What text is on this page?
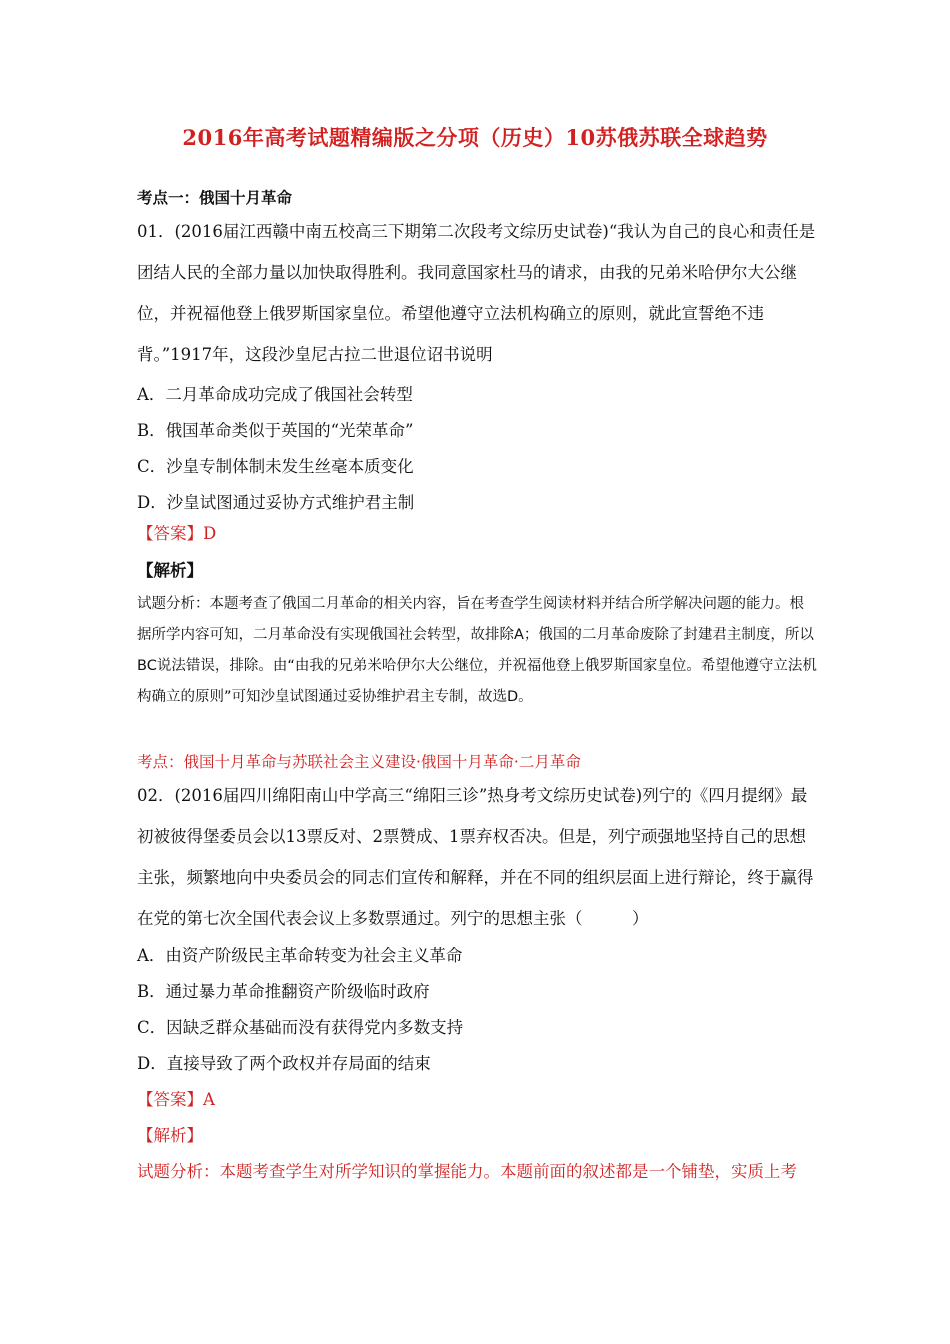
2016年高考试题精编版之分项（历史）10苏俄苏联全球趋势
考点一：俄国十月革命
01．(2016届江西赣中南五校高三下期第二次段考文综历史试卷)“我认为自己的良心和责任是团结人民的全部力量以加快取得胜利。我同意国家杜马的请求，由我的兄弟米哈伊尔大公继位，并祝福他登上俄罗斯国家皇位。希望他遵守立法机构确立的原则，就此宣誓绝不违背。”1917年，这段沙皇尼古拉二世退位诏书说明
A．二月革命成功完成了俄国社会转型
B．俄国革命类似于英国的“光荣革命”
C．沙皇专制体制未发生丝毫本质变化
D．沙皇试图通过妥协方式维护君主制
【答案】D
【解析】
试题分析：本题考查了俄国二月革命的相关内容，旨在考查学生阅读材料并结合所学解决问题的能力。根据所学内容可知，二月革命没有实现俄国社会转型，故排除A；俄国的二月革命废除了封建君主制度，所以BC说法错误，排除。由“由我的兄弟米哈伊尔大公继位，并祝福他登上俄罗斯国家皇位。希望他遵守立法机构确立的原则”可知沙皇试图通过妥协维护君主专制，故选D。
考点：俄国十月革命与苏联社会主义建设·俄国十月革命·二月革命
02．(2016届四川绵阳南山中学高三“绵阳三诊”热身考文综历史试卷)列宁的《四月提纲》最初被彼得堡委员会以13票反对、2票赞成、1票弃权否决。但是，列宁顽强地坚持自己的思想主张，频繁地向中央委员会的同志们宣传和解释，并在不同的组织层面上进行辩论，终于赢得在党的第七次全国代表会议上多数票通过。列宁的思想主张（　　　）
A．由资产阶级民主革命转变为社会主义革命
B．通过暴力革命推翻资产阶级临时政府
C．因缺乏群众基础而没有获得党内多数支持
D．直接导致了两个政权并存局面的结束
【答案】A
【解析】
试题分析：本题考查学生对所学知识的掌握能力。本题前面的叙述都是一个铺垫，实质上考
